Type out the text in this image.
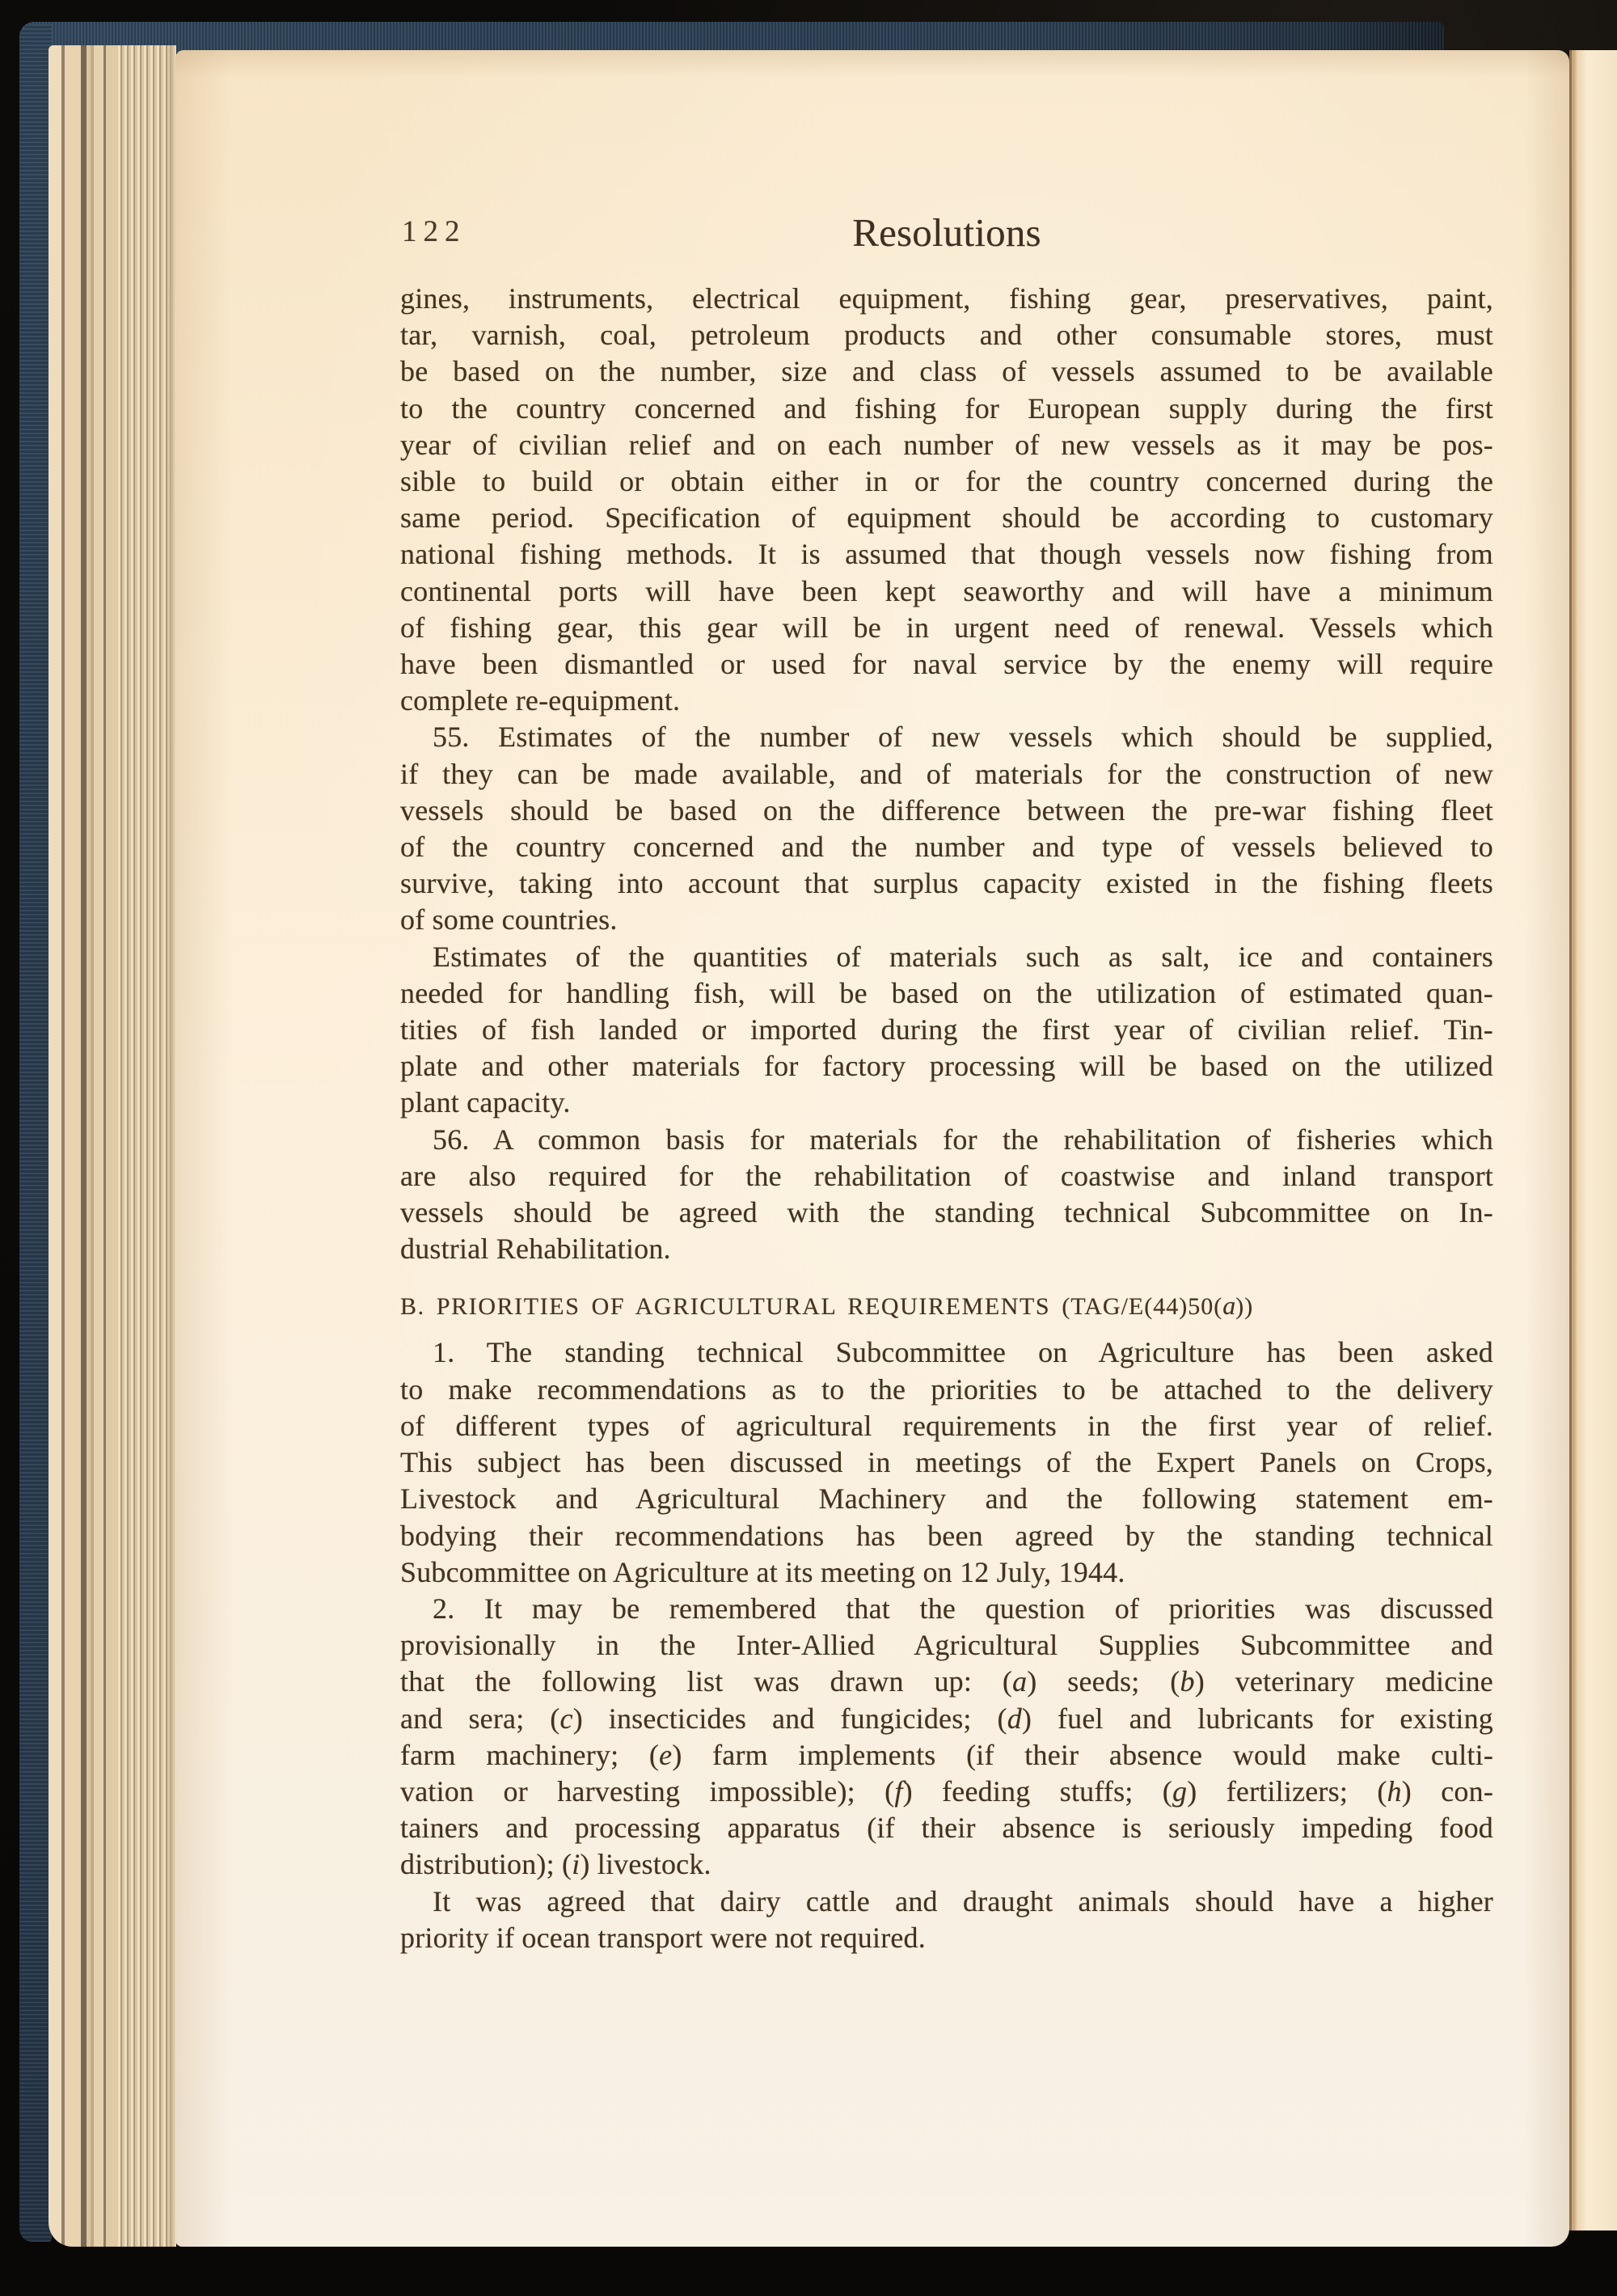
122	Resolutions

gines, instruments, electrical equipment, fishing gear, preservatives, paint,
tar, varnish, coal, petroleum products and other consumable stores, must
be based on the number, size and class of vessels assumed to be available
to the country concerned and fishing for European supply during the first
year of civilian relief and on each number of new vessels as it may be pos-
sible to build or obtain either in or for the country concerned during the
same period. Specification of equipment should be according to customary
national fishing methods. It is assumed that though vessels now fishing from
continental ports will have been kept seaworthy and will have a minimum
of fishing gear, this gear will be in urgent need of renewal. Vessels which
have been dismantled or used for naval service by the enemy will require
complete re-equipment.

55. Estimates of the number of new vessels which should be supplied,
if they can be made available, and of materials for the construction of new
vessels should be based on the difference between the pre-war fishing fleet
of the country concerned and the number and type of vessels believed to
survive, taking into account that surplus capacity existed in the fishing fleets
of some countries.

Estimates of the quantities of materials such as salt, ice and containers
needed for handling fish, will be based on the utilization of estimated quan-
tities of fish landed or imported during the first year of civilian relief. Tin-
plate and other materials for factory processing will be based on the utilized
plant capacity.

56. A common basis for materials for the rehabilitation of fisheries which
are also required for the rehabilitation of coastwise and inland transport
vessels should be agreed with the standing technical Subcommittee on In-
dustrial Rehabilitation.

B. PRIORITIES OF AGRICULTURAL REQUIREMENTS (TAG/E(44)50(a))

1. The standing technical Subcommittee on Agriculture has been asked
to make recommendations as to the priorities to be attached to the delivery
of different types of agricultural requirements in the first year of relief.
This subject has been discussed in meetings of the Expert Panels on Crops,
Livestock and Agricultural Machinery and the following statement em-
bodying their recommendations has been agreed by the standing technical
Subcommittee on Agriculture at its meeting on 12 July, 1944.

2. It may be remembered that the question of priorities was discussed
provisionally in the Inter-Allied Agricultural Supplies Subcommittee and
that the following list was drawn up: (a) seeds; (b) veterinary medicine
and sera; (c) insecticides and fungicides; (d) fuel and lubricants for existing
farm machinery; (e) farm implements (if their absence would make culti-
vation or harvesting impossible); (f) feeding stuffs; (g) fertilizers; (h) con-
tainers and processing apparatus (if their absence is seriously impeding food
distribution); (i) livestock.

It was agreed that dairy cattle and draught animals should have a higher
priority if ocean transport were not required.
